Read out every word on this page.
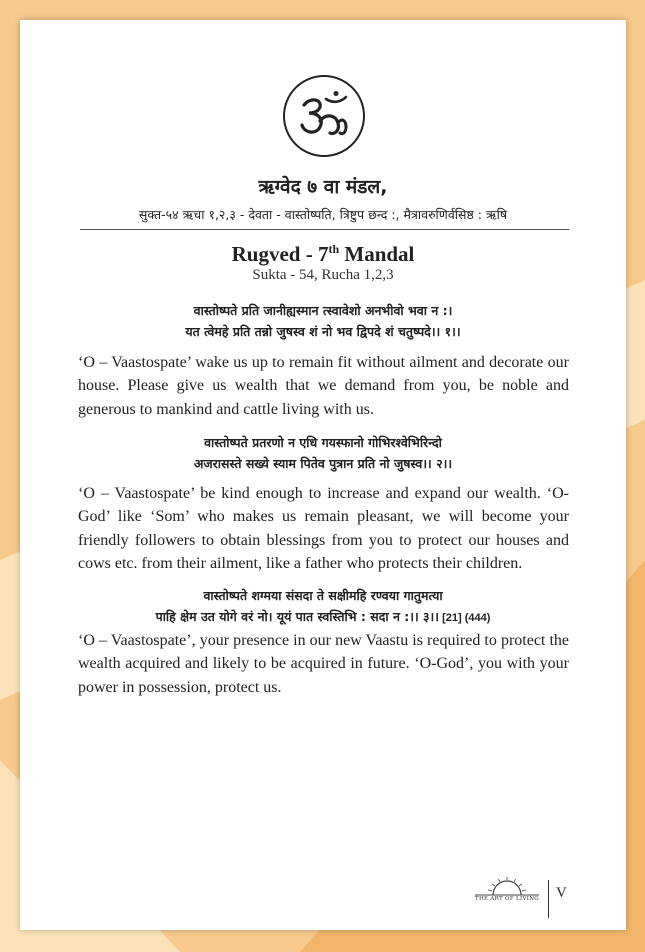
ऋग्वेद ७ वा मंडल,
सुक्त-५४ ऋचा १,२,३ - देवता - वास्तोष्पति, त्रिष्टुप छन्द :, मैत्रावरुणिर्वसिष्ठ : ऋषि
Rugved - 7th Mandal
Sukta - 54, Rucha 1,2,3
वास्तोष्पते प्रति जानीह्यस्मान त्स्वावेशो अनभीवो भवा न :।
यत त्वेमहे प्रति तन्नो जुषस्व शं नो भव द्विपदे शं चतुष्पदे।। १।।
‘O – Vaastospate’ wake us up to remain fit without ailment and decorate our house. Please give us wealth that we demand from you, be noble and generous to mankind and cattle living with us.
वास्तोष्पते प्रतरणो न एधि गयस्फानो गोभिरश्वेभिरिन्दो
अजरासस्ते सख्ये स्याम पितेव पुत्रान प्रति नो जुषस्व।। २।।
‘O – Vaastospate’ be kind enough to increase and expand our wealth. ‘O-God’ like ‘Som’ who makes us remain pleasant, we will become your friendly followers to obtain blessings from you to protect our houses and cows etc. from their ailment, like a father who protects their children.
वास्तोष्पते शग्मया संसदा ते सक्षीमहि रण्वया गातुमत्या
पाहि क्षेम उत योगे वरं नो। यूयं पात स्वस्तिभि : सदा न :।। ३।। [21] (444)
‘O – Vaastospate’, your presence in our new Vaastu is required to protect the wealth acquired and likely to be acquired in future. ‘O-God’, you with your power in possession, protect us.
THE ART OF LIVING V
